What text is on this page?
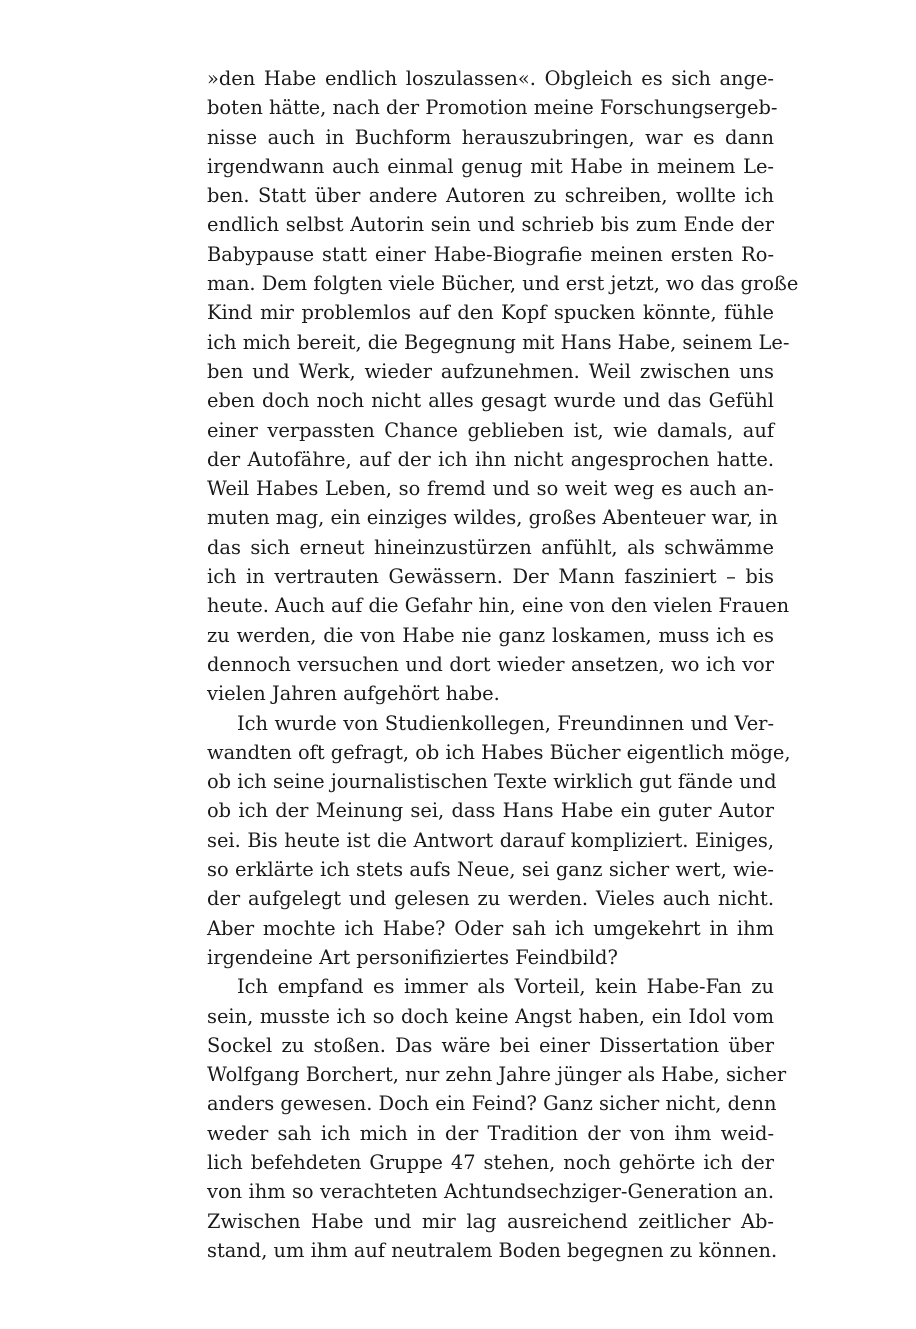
»den Habe endlich loszulassen«. Obgleich es sich ange-
boten hätte, nach der Promotion meine Forschungsergeb-
nisse auch in Buchform herauszubringen, war es dann
irgendwann auch einmal genug mit Habe in meinem Le-
ben. Statt über andere Autoren zu schreiben, wollte ich
endlich selbst Autorin sein und schrieb bis zum Ende der
Babypause statt einer Habe-Biografie meinen ersten Ro-
man. Dem folgten viele Bücher, und erst jetzt, wo das große
Kind mir problemlos auf den Kopf spucken könnte, fühle
ich mich bereit, die Begegnung mit Hans Habe, seinem Le-
ben und Werk, wieder aufzunehmen. Weil zwischen uns
eben doch noch nicht alles gesagt wurde und das Gefühl
einer verpassten Chance geblieben ist, wie damals, auf
der Autofähre, auf der ich ihn nicht angesprochen hatte.
Weil Habes Leben, so fremd und so weit weg es auch an-
muten mag, ein einziges wildes, großes Abenteuer war, in
das sich erneut hineinzustürzen anfühlt, als schwämme
ich in vertrauten Gewässern. Der Mann fasziniert – bis
heute. Auch auf die Gefahr hin, eine von den vielen Frauen
zu werden, die von Habe nie ganz loskamen, muss ich es
dennoch versuchen und dort wieder ansetzen, wo ich vor
vielen Jahren aufgehört habe.
Ich wurde von Studienkollegen, Freundinnen und Ver-
wandten oft gefragt, ob ich Habes Bücher eigentlich möge,
ob ich seine journalistischen Texte wirklich gut fände und
ob ich der Meinung sei, dass Hans Habe ein guter Autor
sei. Bis heute ist die Antwort darauf kompliziert. Einiges,
so erklärte ich stets aufs Neue, sei ganz sicher wert, wie-
der aufgelegt und gelesen zu werden. Vieles auch nicht.
Aber mochte ich Habe? Oder sah ich umgekehrt in ihm
irgendeine Art personifiziertes Feindbild?
Ich empfand es immer als Vorteil, kein Habe-Fan zu
sein, musste ich so doch keine Angst haben, ein Idol vom
Sockel zu stoßen. Das wäre bei einer Dissertation über
Wolfgang Borchert, nur zehn Jahre jünger als Habe, sicher
anders gewesen. Doch ein Feind? Ganz sicher nicht, denn
weder sah ich mich in der Tradition der von ihm weid-
lich befehdeten Gruppe 47 stehen, noch gehörte ich der
von ihm so verachteten Achtundsechziger-Generation an.
Zwischen Habe und mir lag ausreichend zeitlicher Ab-
stand, um ihm auf neutralem Boden begegnen zu können.
